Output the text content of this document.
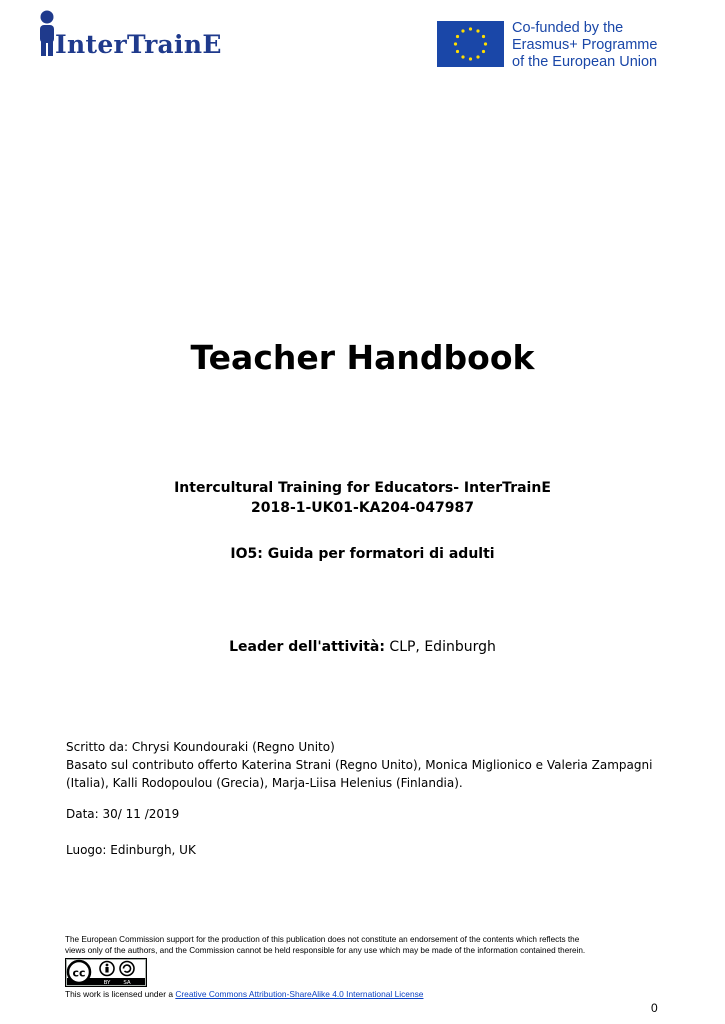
InterTrainE
Co-funded by the
Erasmus+ Programme
of the European Union
Teacher Handbook
Intercultural Training for Educators- InterTrainE
2018-1-UK01-KA204-047987
IO5: Guida per formatori di adulti
Leader dell'attività: CLP, Edinburgh
Scritto da: Chrysi Koundouraki (Regno Unito)
Basato sul contributo offerto Katerina Strani (Regno Unito), Monica Miglionico e Valeria Zampagni
(Italia), Kalli Rodopoulou (Grecia), Marja-Liisa Helenius (Finlandia).
Data: 30/ 11 /2019
Luogo: Edinburgh, UK
The European Commission support for the production of this publication does not constitute an endorsement of the contents which reflects the
views only of the authors, and the Commission cannot be held responsible for any use which may be made of the information contained therein.
cc
BY SA
This work is licensed under a Creative Commons Attribution-ShareAlike 4.0 International License
0
